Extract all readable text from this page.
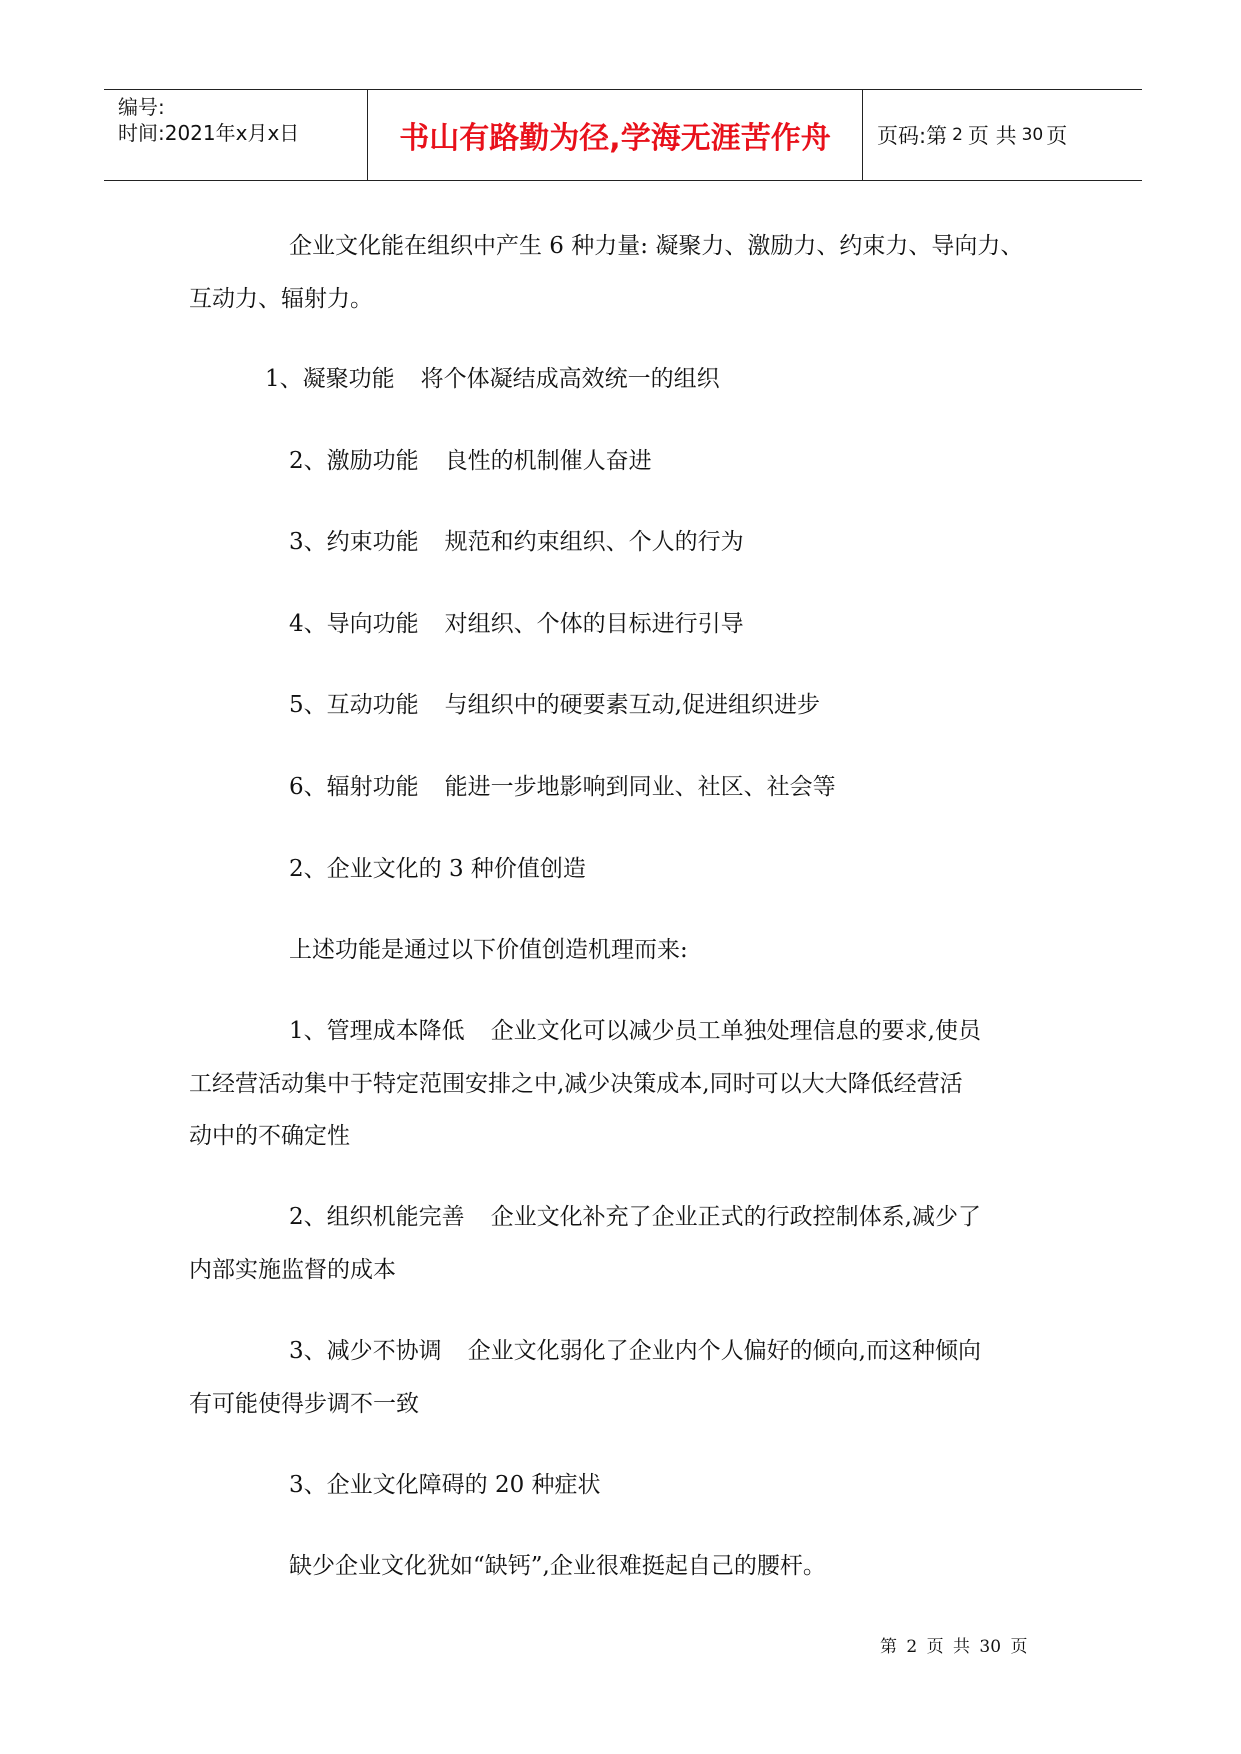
编号:
时间:2021年x月x日	书山有路勤为径,学海无涯苦作舟 页码:第 2 页 共 30 页
企业文化能在组织中产生 6 种力量: 凝聚力、激励力、约束力、导向力、
互动力、辐射力。
1、凝聚功能 将个体凝结成高效统一的组织
2、激励功能 良性的机制催人奋进
3、约束功能 规范和约束组织、个人的行为
4、导向功能 对组织、个体的目标进行引导
5、互动功能 与组织中的硬要素互动,促进组织进步
6、辐射功能 能进一步地影响到同业、社区、社会等
2、企业文化的 3 种价值创造
上述功能是通过以下价值创造机理而来:
1、管理成本降低 企业文化可以减少员工单独处理信息的要求,使员
工经营活动集中于特定范围安排之中,减少决策成本,同时可以大大降低经营活
动中的不确定性
2、组织机能完善 企业文化补充了企业正式的行政控制体系,减少了
内部实施监督的成本
3、减少不协调 企业文化弱化了企业内个人偏好的倾向,而这种倾向
有可能使得步调不一致
3、企业文化障碍的 20 种症状
缺少企业文化犹如“缺钙”,企业很难挺起自己的腰杆。
第 2 页 共 30 页
